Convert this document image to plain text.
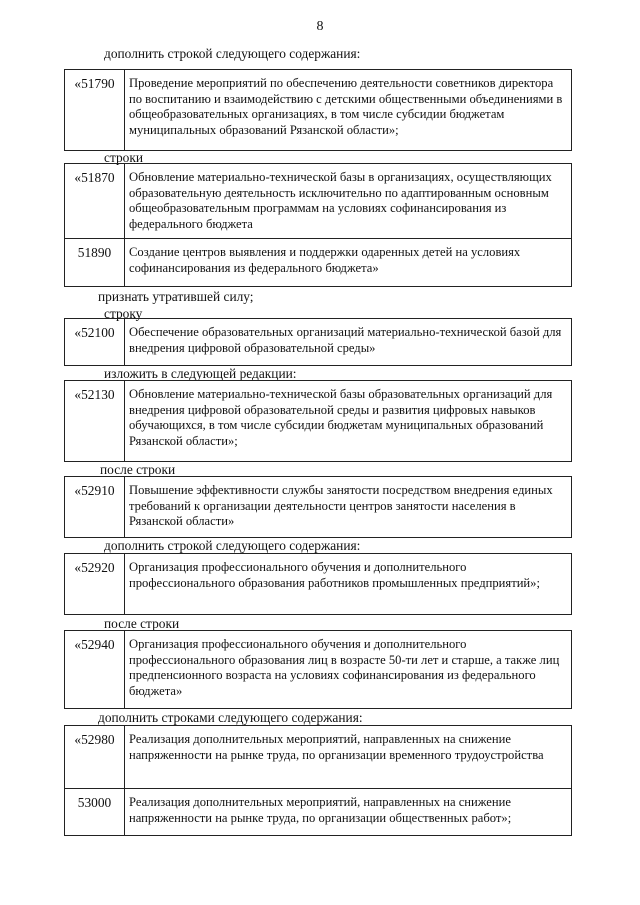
8
дополнить строкой следующего содержания:
«51790	Проведение мероприятий по обеспечению деятельности советников директора по воспитанию и взаимодействию с детскими общественными объединениями в общеобразовательных организациях, в том числе субсидии бюджетам муниципальных образований Рязанской области»;
строки
«51870	Обновление материально-технической базы в организациях, осуществляющих образовательную деятельность исключительно по адаптированным основным общеобразовательным программам на условиях софинансирования из федерального бюджета
51890	Создание центров выявления и поддержки одаренных детей на условиях софинансирования из федерального бюджета»
признать утратившей силу;
строку
«52100	Обеспечение образовательных организаций материально-технической базой для внедрения цифровой образовательной среды»
изложить в следующей редакции:
«52130	Обновление материально-технической базы образовательных организаций для внедрения цифровой образовательной среды и развития цифровых навыков обучающихся, в том числе субсидии бюджетам муниципальных образований Рязанской области»;
после строки
«52910	Повышение эффективности службы занятости посредством внедрения единых требований к организации деятельности центров занятости населения в Рязанской области»
дополнить строкой следующего содержания:
«52920	Организация профессионального обучения и дополнительного профессионального образования работников промышленных предприятий»;
после строки
«52940	Организация профессионального обучения и дополнительного профессионального образования лиц в возрасте 50-ти лет и старше, а также лиц предпенсионного возраста на условиях софинансирования из федерального бюджета»
дополнить строками следующего содержания:
«52980	Реализация дополнительных мероприятий, направленных на снижение напряженности на рынке труда, по организации временного трудоустройства
53000	Реализация дополнительных мероприятий, направленных на снижение напряженности на рынке труда, по организации общественных работ»;
